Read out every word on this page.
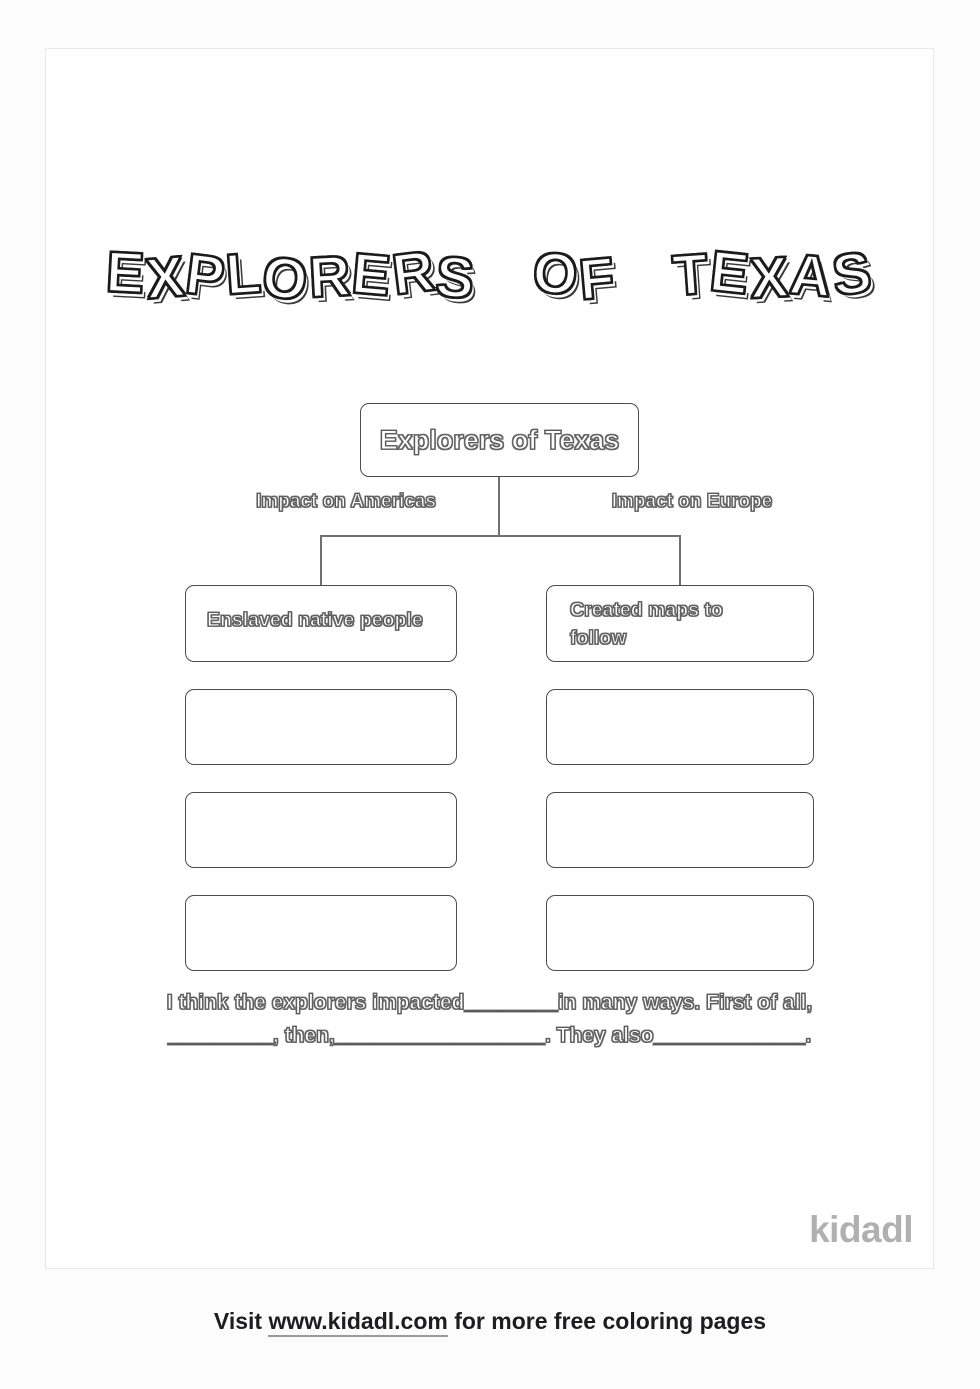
EXPLORERS OF TEXAS
Explorers of Texas
Impact on Americas	Impact on Europe
Enslaved native people	Created maps to follow

I think the explorers impacted________in many ways. First of all,
_________, then,__________________. They also_____________.

kidadl
Visit www.kidadl.com for more free coloring pages
